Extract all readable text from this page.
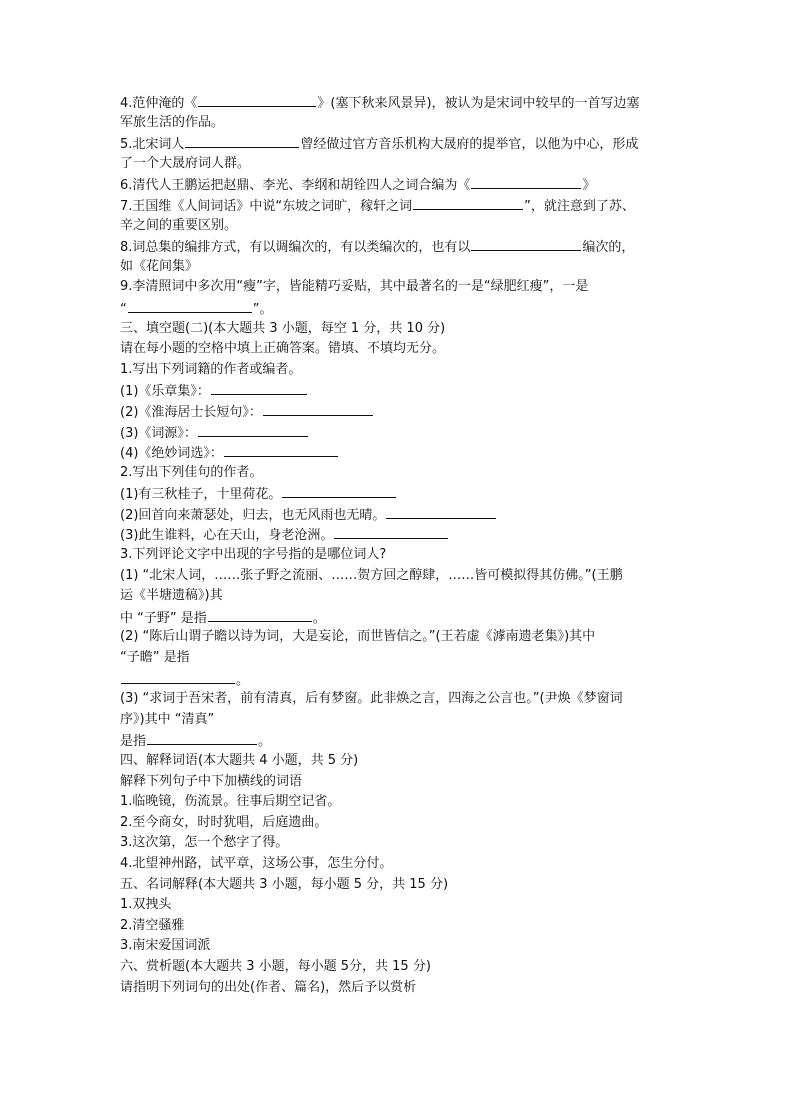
4.范仲淹的《	》(塞下秋来风景异)，被认为是宋词中较早的一首写边塞
军旅生活的作品。
5.北宋词人	曾经做过官方音乐机构大晟府的提举官，以他为中心，形成
了一个大晟府词人群。
6.清代人王鹏运把赵鼎、李光、李纲和胡铨四人之词合编为《	》
7.王国维《人间词话》中说“东坡之词旷，稼轩之词	”，就注意到了苏、
辛之间的重要区别。
8.词总集的编排方式，有以调编次的，有以类编次的，也有以	编次的，
如《花间集》
9.李清照词中多次用“瘦”字，皆能精巧妥贴，其中最著名的一是“绿肥红瘦”，一是
“	”。
三、填空题(二)(本大题共 3 小题，每空 1 分，共 10 分)
请在每小题的空格中填上正确答案。错填、不填均无分。
1.写出下列词籍的作者或编者。
(1)《乐章集》：
(2)《淮海居士长短句》：
(3)《词源》：
(4)《绝妙词选》：
2.写出下列佳句的作者。
(1)有三秋桂子，十里荷花。
(2)回首向来萧瑟处，归去，也无风雨也无晴。
(3)此生谁料，心在天山，身老沧洲。
3.下列评论文字中出现的字号指的是哪位词人?
(1) “北宋人词，……张子野之流丽、……贺方回之醇肆，……皆可模拟得其仿佛。”(王鹏
运《半塘遗稿》)其
中 “子野” 是指	。
(2) “陈后山谓子瞻以诗为词，大是妄论，而世皆信之。”(王若虚《滹南遗老集》)其中
“子瞻” 是指
。
(3) “求词于吾宋者，前有清真，后有梦窗。此非焕之言，四海之公言也。”(尹焕《梦窗词
序》)其中 “清真”
是指	。
四、解释词语(本大题共 4 小题，共 5 分)
解释下列句子中下加横线的词语
1.临晚镜，伤流景。往事后期空记省。
2.至今商女，时时犹唱，后庭遗曲。
3.这次第，怎一个愁字了得。
4.北望神州路，试平章，这场公事，怎生分付。
五、名词解释(本大题共 3 小题，每小题 5 分，共 15 分)
1.双拽头
2.清空骚雅
3.南宋爱国词派
六、赏析题(本大题共 3 小题，每小题 5分，共 15 分)
请指明下列词句的出处(作者、篇名)，然后予以赏析
